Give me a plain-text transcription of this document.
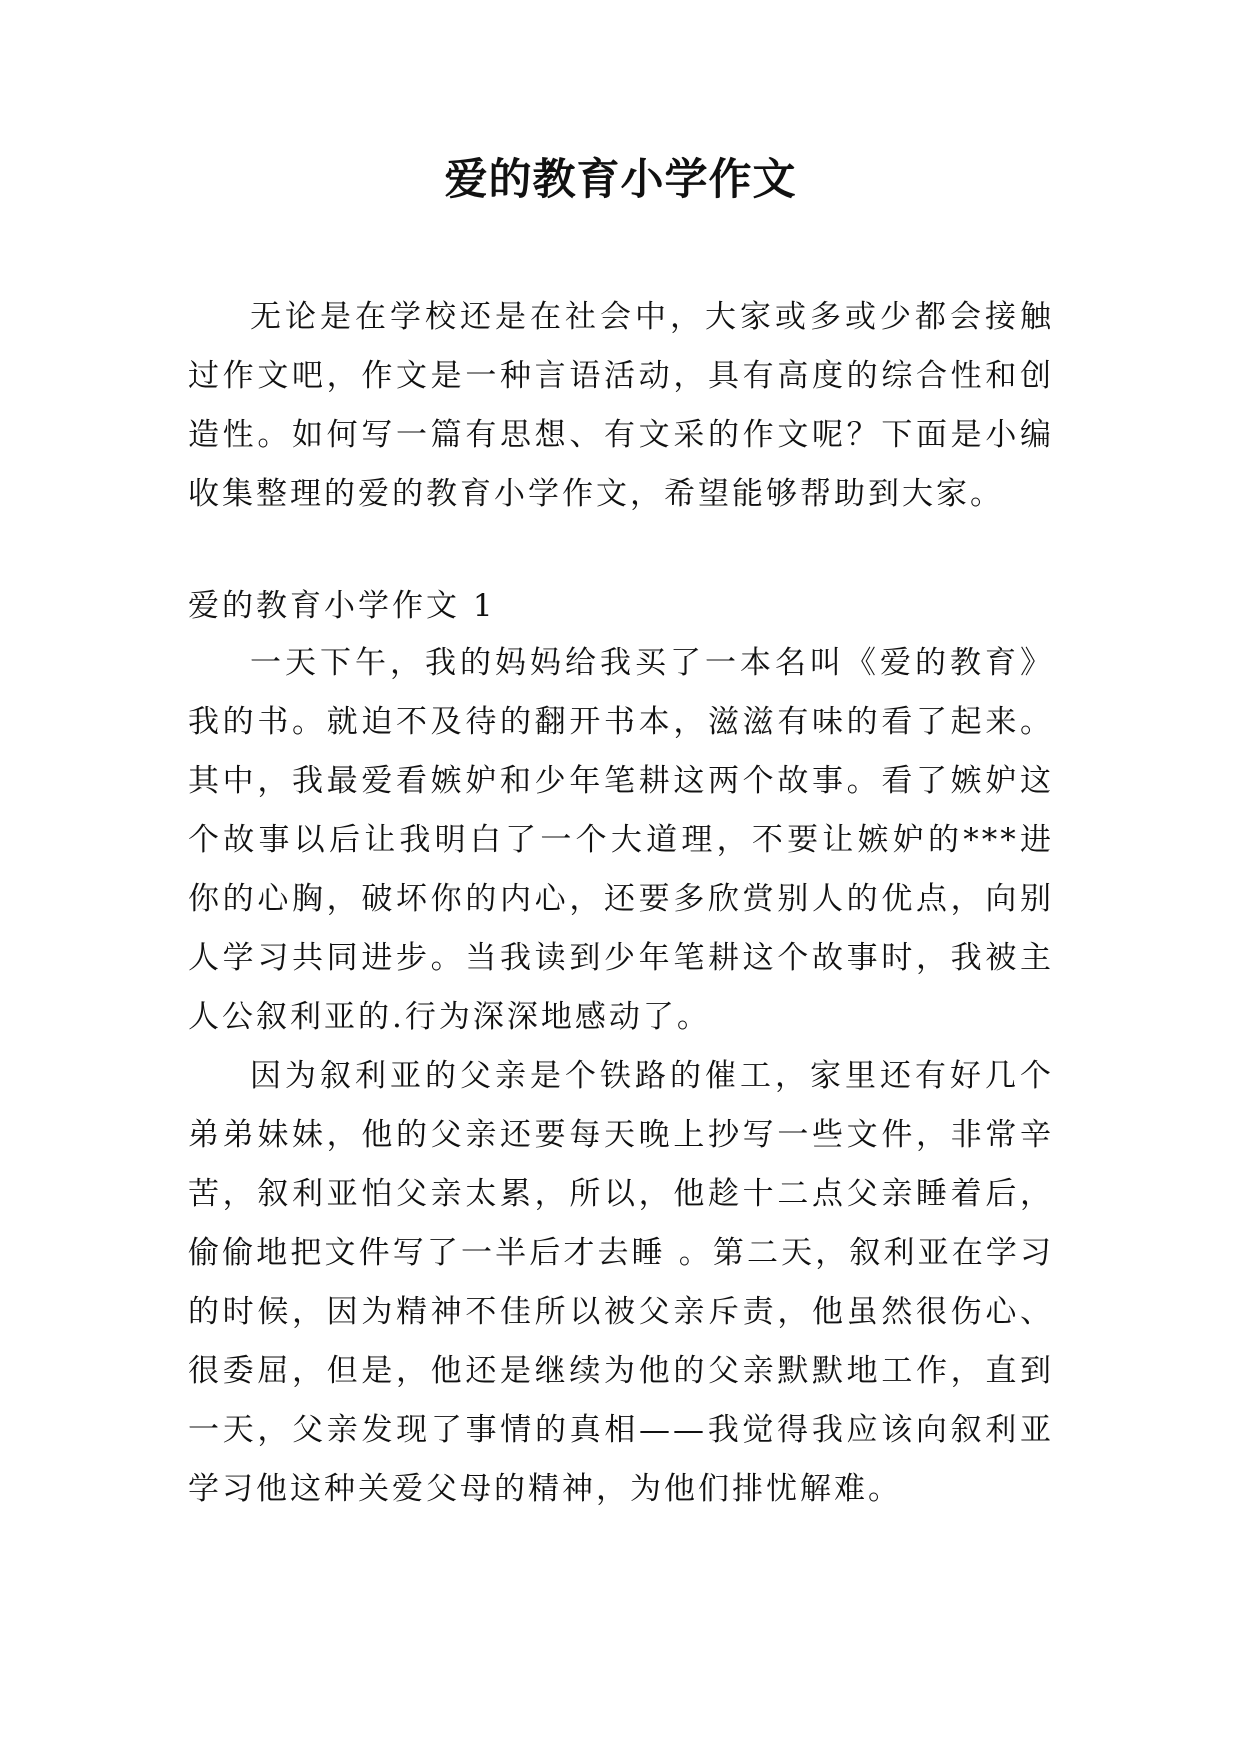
爱的教育小学作文

无论是在学校还是在社会中，大家或多或少都会接触过作文吧，作文是一种言语活动，具有高度的综合性和创造性。如何写一篇有思想、有文采的作文呢？下面是小编收集整理的爱的教育小学作文，希望能够帮助到大家。

爱的教育小学作文 1

一天下午，我的妈妈给我买了一本名叫《爱的教育》我的书。就迫不及待的翻开书本，滋滋有味的看了起来。其中，我最爱看嫉妒和少年笔耕这两个故事。看了嫉妒这个故事以后让我明白了一个大道理，不要让嫉妒的***进你的心胸，破坏你的内心，还要多欣赏别人的优点，向别人学习共同进步。当我读到少年笔耕这个故事时，我被主人公叙利亚的.行为深深地感动了。

因为叙利亚的父亲是个铁路的催工，家里还有好几个弟弟妹妹，他的父亲还要每天晚上抄写一些文件，非常辛苦，叙利亚怕父亲太累，所以，他趁十二点父亲睡着后，偷偷地把文件写了一半后才去睡 。第二天，叙利亚在学习的时候，因为精神不佳所以被父亲斥责，他虽然很伤心、很委屈，但是，他还是继续为他的父亲默默地工作，直到一天，父亲发现了事情的真相——我觉得我应该向叙利亚学习他这种关爱父母的精神，为他们排忧解难。
